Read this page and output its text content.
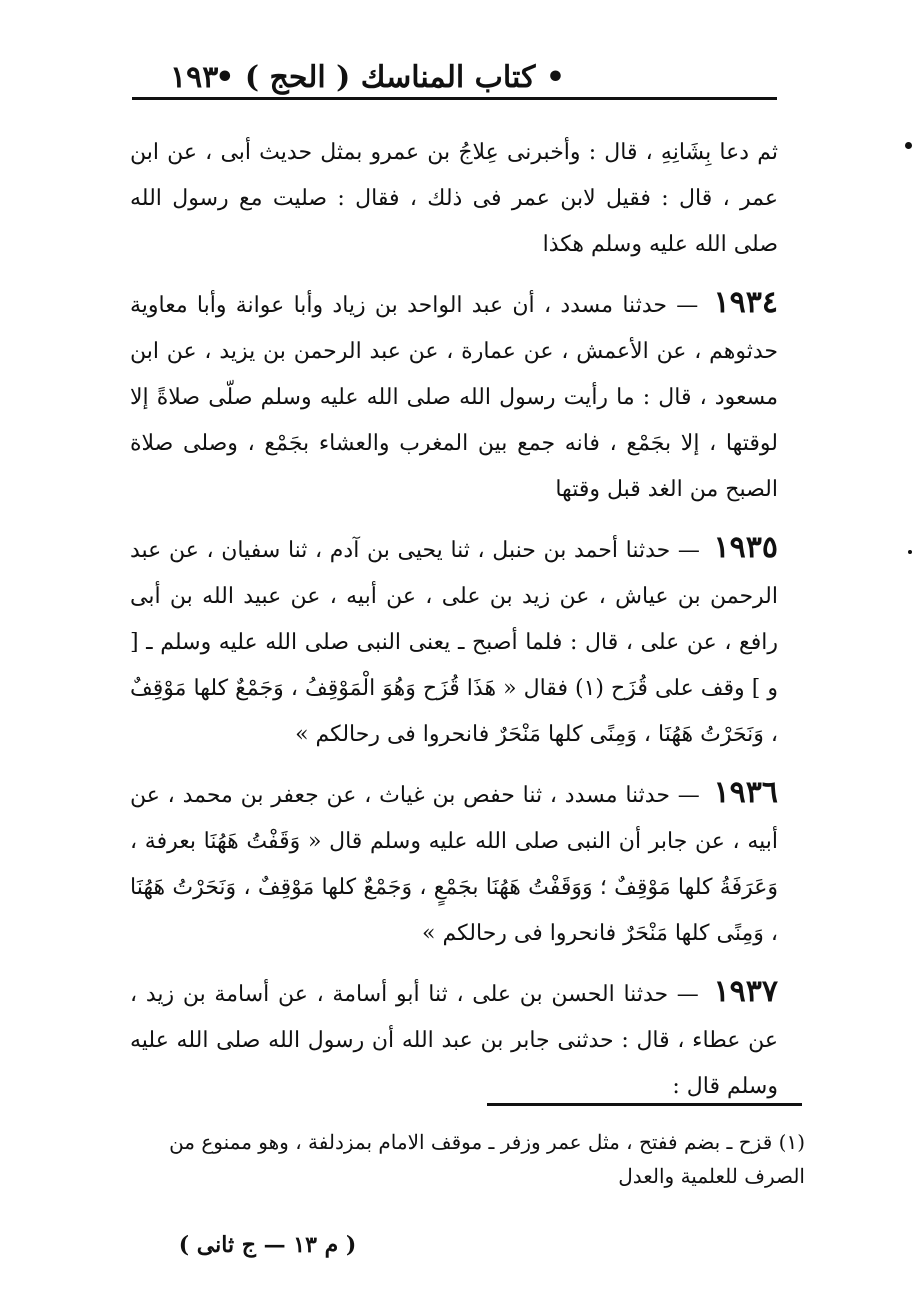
١٩٣
• كتاب المناسك ( الحج ) •

ثم دعا بِشَانِهِ ، قال : وأخبرنى عِلاجُ بن عمرو بمثل حديث أبى ، عن ابن عمر ، قال : فقيل لابن عمر فى ذلك ، فقال : صليت مع رسول الله صلى الله عليه وسلم هكذا

١٩٣٤ — حدثنا مسدد ، أن عبد الواحد بن زياد وأبا عوانة وأبا معاوية حدثوهم ، عن الأعمش ، عن عمارة ، عن عبد الرحمن بن يزيد ، عن ابن مسعود ، قال : ما رأيت رسول الله صلى الله عليه وسلم صلّى صلاةً إلا لوقتها ، إلا بجَمْع ، فانه جمع بين المغرب والعشاء بجَمْع ، وصلى صلاة الصبح من الغد قبل وقتها

١٩٣٥ — حدثنا أحمد بن حنبل ، ثنا يحيى بن آدم ، ثنا سفيان ، عن عبد الرحمن بن عياش ، عن زيد بن على ، عن أبيه ، عن عبيد الله بن أبى رافع ، عن على ، قال : فلما أصبح ـ يعنى النبى صلى الله عليه وسلم ـ [ و ] وقف على قُزَح (١) فقال « هَذَا قُزَح وَهُوَ الْمَوْقِفُ ، وَجَمْعٌ كلها مَوْقِفٌ ، وَنَحَرْتُ هَهُنَا ، وَمِنًى كلها مَنْحَرٌ فانحروا فى رحالكم »

١٩٣٦ — حدثنا مسدد ، ثنا حفص بن غياث ، عن جعفر بن محمد ، عن أبيه ، عن جابر أن النبى صلى الله عليه وسلم قال « وَقَفْتُ هَهُنَا بعرفة ، وَعَرَفَةُ كلها مَوْقِفٌ ؛ وَوَقَفْتُ هَهُنَا بجَمْعٍ ، وَجَمْعٌ كلها مَوْقِفٌ ، وَنَحَرْتُ هَهُنَا ، وَمِنًى كلها مَنْحَرٌ فانحروا فى رحالكم »

١٩٣٧ — حدثنا الحسن بن على ، ثنا أبو أسامة ، عن أسامة بن زيد ، عن عطاء ، قال : حدثنى جابر بن عبد الله أن رسول الله صلى الله عليه وسلم قال :

(١) قزح ـ بضم ففتح ، مثل عمر وزفر ـ موقف الامام بمزدلفة ، وهو ممنوع من الصرف للعلمية والعدل
( م ١٣ — ج ثانى )
